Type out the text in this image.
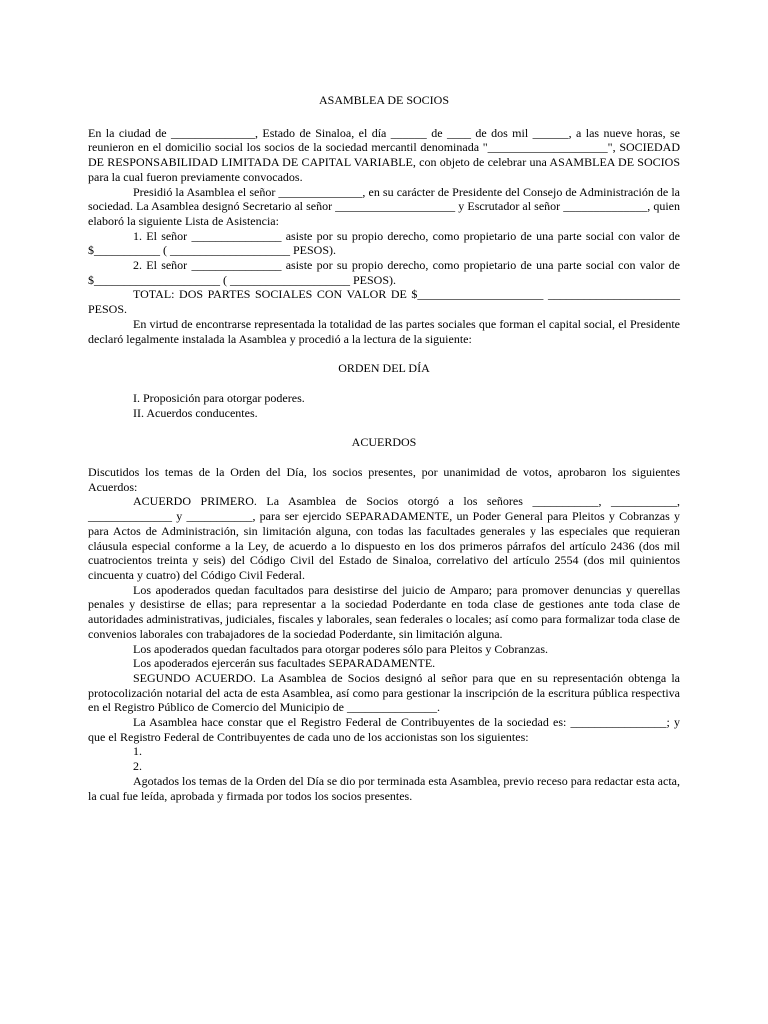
ASAMBLEA DE SOCIOS

En la ciudad de ______________, Estado de Sinaloa, el día ______ de ____ de dos mil ______, a las nueve horas, se reunieron en el domicilio social los socios de la sociedad mercantil denominada "____________________", SOCIEDAD DE RESPONSABILIDAD LIMITADA DE CAPITAL VARIABLE, con objeto de celebrar una ASAMBLEA DE SOCIOS para la cual fueron previamente convocados.

Presidió la Asamblea el señor ______________, en su carácter de Presidente del Consejo de Administración de la sociedad. La Asamblea designó Secretario al señor ____________________ y Escrutador al señor ______________, quien elaboró la siguiente Lista de Asistencia:

1. El señor _______________ asiste por su propio derecho, como propietario de una parte social con valor de $___________ ( ____________________ PESOS).

2. El señor _______________ asiste por su propio derecho, como propietario de una parte social con valor de $_____________________ ( ____________________ PESOS).

TOTAL: DOS PARTES SOCIALES CON VALOR DE $_____________________ ______________________ PESOS.

En virtud de encontrarse representada la totalidad de las partes sociales que forman el capital social, el Presidente declaró legalmente instalada la Asamblea y procedió a la lectura de la siguiente:

ORDEN DEL DÍA

I. Proposición para otorgar poderes.

II. Acuerdos conducentes.

ACUERDOS

Discutidos los temas de la Orden del Día, los socios presentes, por unanimidad de votos, aprobaron los siguientes Acuerdos:

ACUERDO PRIMERO. La Asamblea de Socios otorgó a los señores ___________, ___________, ______________ y ___________, para ser ejercido SEPARADAMENTE, un Poder General para Pleitos y Cobranzas y para Actos de Administración, sin limitación alguna, con todas las facultades generales y las especiales que requieran cláusula especial conforme a la Ley, de acuerdo a lo dispuesto en los dos primeros párrafos del artículo 2436 (dos mil cuatrocientos treinta y seis) del Código Civil del Estado de Sinaloa, correlativo del artículo 2554 (dos mil quinientos cincuenta y cuatro) del Código Civil Federal.

Los apoderados quedan facultados para desistirse del juicio de Amparo; para promover denuncias y querellas penales y desistirse de ellas; para representar a la sociedad Poderdante en toda clase de gestiones ante toda clase de autoridades administrativas, judiciales, fiscales y laborales, sean federales o locales; así como para formalizar toda clase de convenios laborales con trabajadores de la sociedad Poderdante, sin limitación alguna.

Los apoderados quedan facultados para otorgar poderes sólo para Pleitos y Cobranzas.

Los apoderados ejercerán sus facultades SEPARADAMENTE.

SEGUNDO ACUERDO. La Asamblea de Socios designó al señor para que en su representación obtenga la protocolización notarial del acta de esta Asamblea, así como para gestionar la inscripción de la escritura pública respectiva en el Registro Público de Comercio del Municipio de _______________.

La Asamblea hace constar que el Registro Federal de Contribuyentes de la sociedad es: ________________; y que el Registro Federal de Contribuyentes de cada uno de los accionistas son los siguientes:

1.

2.

Agotados los temas de la Orden del Día se dio por terminada esta Asamblea, previo receso para redactar esta acta, la cual fue leída, aprobada y firmada por todos los socios presentes.
